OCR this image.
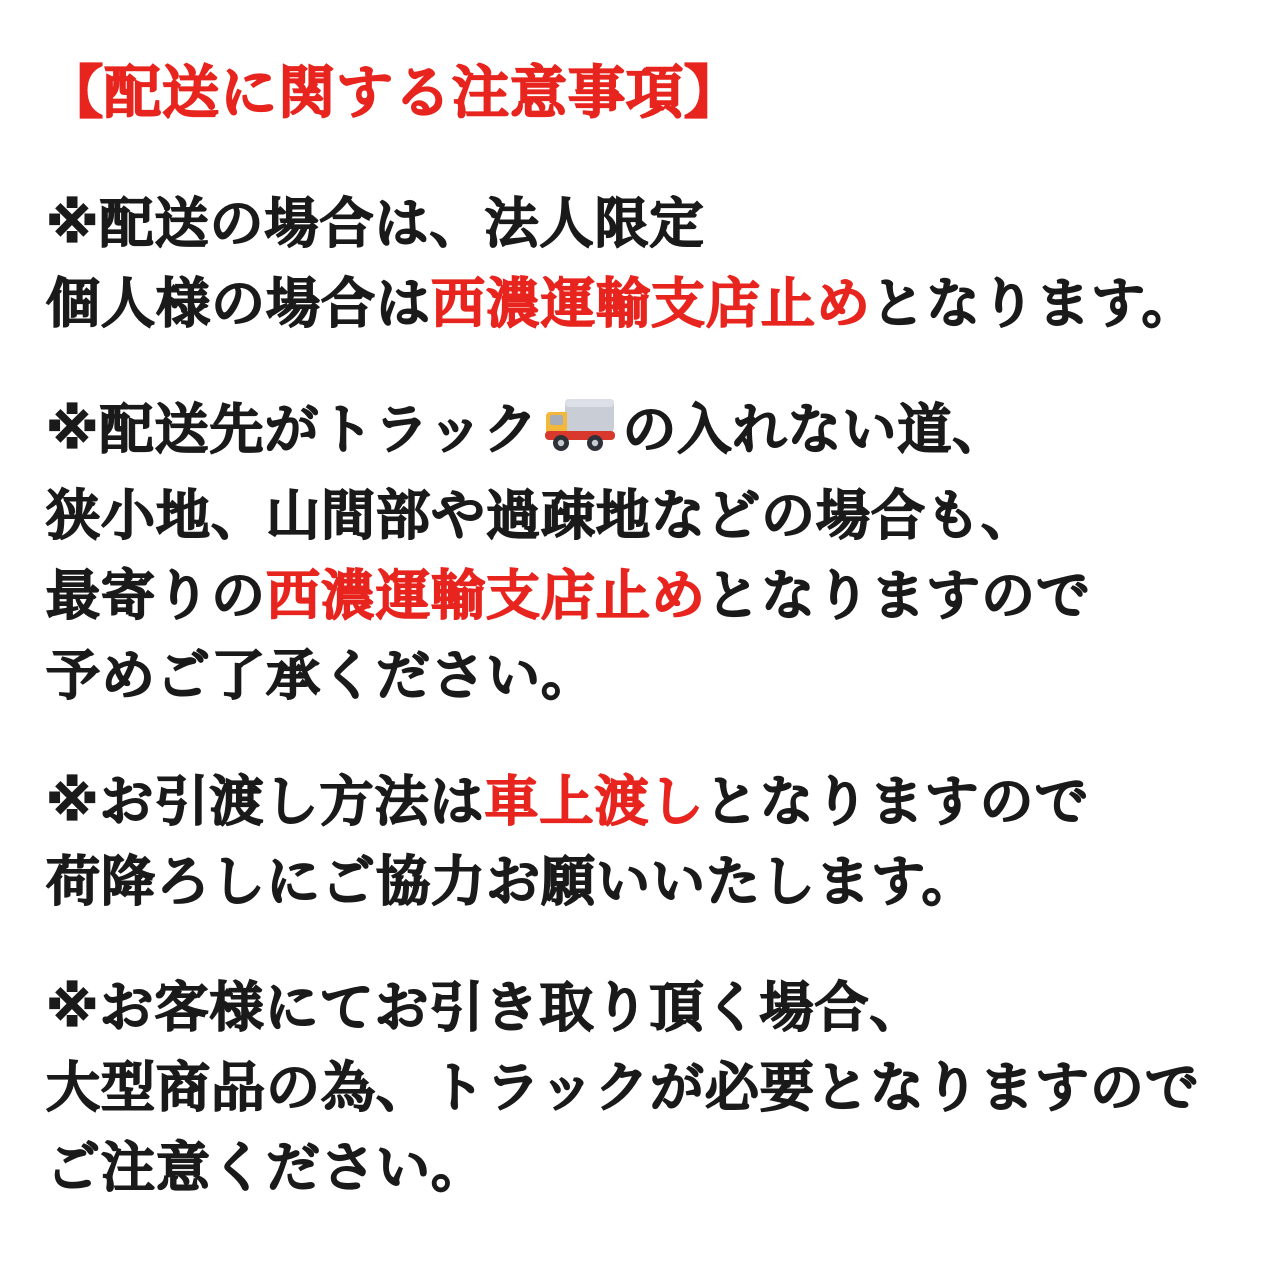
【配送に関する注意事項】
※配送の場合は、法人限定
個人様の場合は西濃運輸支店止めとなります。
※配送先がトラック の入れない道、
狭小地、山間部や過疎地などの場合も、
最寄りの西濃運輸支店止めとなりますので
予めご了承ください。
※お引渡し方法は車上渡しとなりますので
荷降ろしにご協力お願いいたします。
※お客様にてお引き取り頂く場合、
大型商品の為、トラックが必要となりますので
ご注意ください。
